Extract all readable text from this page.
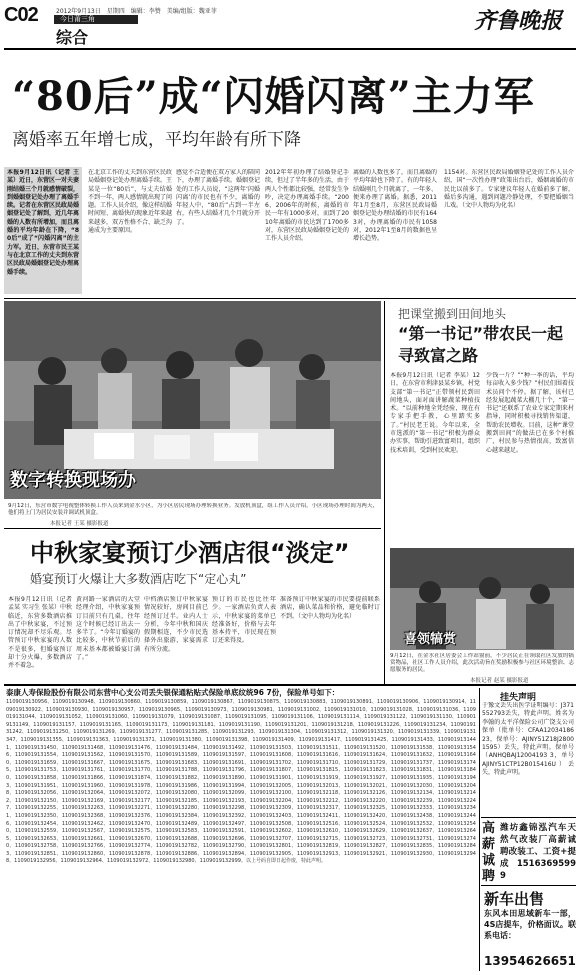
C02	2012年9月13日　星期四　编辑：李赞　美编/组版：魏亚菲
今日莆三角
综合
齐鲁晚报
“80后”成“闪婚闪离”主力军
离婚率五年增七成，平均年龄有所下降
本报9月12日讯（记者 王某）近日，东营区一对夫妻刚结婚三个月就感情破裂，到婚姻登记处办理了离婚手续。记者在东营区民政局婚姻登记处了解到，近几年离婚的人数有所增加，而且离婚的平均年龄在下降，“80后”成了“闪婚闪离”的主力军。近日，东营市民王某与在北京工作的丈夫到东营区民政局婚姻登记处办理离婚手续。
在北京工作的丈夫到东营区民政局婚姻登记处办理离婚手续。王某是一位“80后”，与丈夫结婚不到一年，两人感情就出现了问题。工作人员介绍，像这样结婚时间短、离婚快的现象近年来越来越多，双方性格不合、缺乏沟通成为主要原因。
感觉不合适便在双方家人的陪同下，办理了离婚手续。婚姻登记处的工作人员说，“这两年‘闪婚闪离’的市民也有不少，离婚的年轻人中，“80后”占到一半左右，有些人结婚才几个月就分开了。
2012年年初办理了结婚登记手续，但过了半年多的生活，由于两人个性都比较强，经常发生争吵，决定办理离婚手续。“2006、2006年的时候，离婚的市民一年有1000多对，而到了2010年离婚的市民达到了1700多对，东营区民政局婚姻登记处的工作人员介绍。
离婚的人数也多了，而且离婚的平均年龄也下降了。有的年轻人结婚刚几个月就离了，一年多、便来办理了离婚。据悉，2011年1月至8月，东营区民政局婚姻登记处办理结婚的市民有1643对，办理离婚的市民有1058对，2012年1至8月的数据也呈增长趋势。
1154对。东营区民政局婚姻登记处的工作人员介绍，国“一次性办理”政策出台后，婚姻离婚的市民比以前多了。专家建议年轻人在婚前多了解，婚后多沟通，遇到问题冷静处理，不要把婚姻当儿戏。（文中人物均为化名）
数字转换现场办
9月12日，东营市数字电视整体转换工作人员来到金水小区，为小区居民现场办理转换业务。发放机顶盒，组工作人员介绍，小区现场办理时间为两天，他们将上门为居民安装并调试机顶盒。
本报记者 王某 摄影报道
把课堂搬到田间地头
“第一书记”带农民一起寻致富之路
本报9月12日讯（记者 李某）12日，在东营市利津县某乡镇，村党支部“第一书记”正带领村民到田间地头，面对面讲解蔬菜种植技术。“以前种地全凭经验，现在有专家手把手教，心里踏实多了。”村民老王说。今年以来，全市选派的“第一书记”积极为群众办实事，帮助引进致富项目，组织技术培训，受到村民欢迎。
少钱一斤？”“种一季的话，平均每亩收入多少钱？”村民们围着技术员问个不停。据了解，该村已经发展起蔬菜大棚几十个，“第一书记”还联系了农业专家定期来村指导，同时积极寻找销售渠道，帮助农民增收。目前，这种“课堂搬到田间”的做法已在多个村推广，村民参与热情很高，致富信心越来越足。
喜领犒赏
9月12日，在金水社区居委会工作站窗前，不少居民正在领取社区发放的犒赏物品，社区工作人员介绍，此次活动旨在奖励积极参与社区环境整治、志愿服务的居民。
本报记者 赵某 摄影报道
中秋家宴预订少酒店很“淡定”
婚宴预订火爆让大多数酒店吃下“定心丸”
本报9月12日讯（记者 孟某 实习生 张某）中秋临近，东营多数酒店推出了中秋家宴，不过预订情况却不尽乐观。尽管预订中秋家宴的人数不是很多，但婚宴预订却十分火爆，多数酒店并不着急。
黄河路一家酒店的大堂经理介绍，中秋家宴预订目前只有几桌，往年这个时候已经订出去一多半了。“今年订婚宴的比较多，中秋节前后的周末基本都被婚宴订满了。”
中档酒店预订中秋家宴情况较好，房间目前已经预订过半。业内人士分析，今年中秋和国庆假期相连，不少市民选择外出旅游，家宴需求有所分流。
预订的市民也比往年少。一家酒店负责人表示，中秋家宴的菜单已经准备好，价格与去年基本持平，市民现在预订还来得及。
准备预订中秋家宴的市民要提前联系酒店，确认菜品和价格，避免临时订不到。（文中人物均为化名）
泰康人寿保险股份有限公司东营中心支公司丢失银保通粘贴式保险单底纹统96 7份，保险单号如下：
1109019130956、1109019130948、1109019130860、1109019130859、1109019130867、1109019130875、1109019130883、1109019130891、1109019130906、1109019130914、1109019130922、1109019130930、1109019130957、1109019130965、1109019130973、1109019130981、1109019131002、1109019131010、1109019131028、1109019131036、1109019131044、1109019131052、1109019131060、1109019131079、1109019131087、1109019131095、1109019131106、1109019131114、1109019131122、1109019131130、1109019131149、1109019131157、1109019131165、1109019131173、1109019131181、1109019131190、1109019131201、1109019131218、1109019131226、1109019131234、1109019131242、1109019131250、1109019131269、1109019131277、1109019131285、1109019131293、1109019131304、1109019131312、1109019131320、1109019131339、1109019131347、1109019131355、1109019131363、1109019131371、1109019131380、1109019131398、1109019131409、1109019131417、1109019131425、1109019131433、1109019131441、1109019131450、1109019131468、1109019131476、1109019131484、1109019131492、1109019131503、1109019131511、1109019131520、1109019131538、1109019131546、1109019131554、1109019131562、1109019131570、1109019131589、1109019131597、1109019131608、1109019131616、1109019131624、1109019131632、1109019131640、1109019131659、1109019131667、1109019131675、1109019131683、1109019131691、1109019131702、1109019131710、1109019131729、1109019131737、1109019131745、1109019131753、1109019131761、1109019131770、1109019131788、1109019131796、1109019131807、1109019131815、1109019131823、1109019131831、1109019131840、1109019131858、1109019131866、1109019131874、1109019131882、1109019131890、1109019131901、1109019131919、1109019131927、1109019131935、1109019131943、1109019131951、1109019131960、1109019131978、1109019131986、1109019131994、1109019132005、1109019132013、1109019132021、1109019132030、1109019132048、1109019132056、1109019132064、1109019132072、1109019132080、1109019132099、1109019132100、1109019132118、1109019132126、1109019132134、1109019132142、1109019132150、1109019132169、1109019132177、1109019132185、1109019132193、1109019132204、1109019132212、1109019132220、1109019132239、1109019132247、1109019132255、1109019132263、1109019132271、1109019132280、1109019132298、1109019132309、1109019132317、1109019132325、1109019132333、1109019132341、1109019132350、1109019132368、1109019132376、1109019132384、1109019132392、1109019132403、1109019132411、1109019132420、1109019132438、1109019132446、1109019132454、1109019132462、1109019132470、1109019132489、1109019132497、1109019132508、1109019132516、1109019132524、1109019132532、1109019132540、1109019132559、1109019132567、1109019132575、1109019132583、1109019132591、1109019132602、1109019132610、1109019132629、1109019132637、1109019132645、1109019132653、1109019132661、1109019132670、1109019132688、1109019132696、1109019132707、1109019132715、1109019132723、1109019132731、1109019132740、1109019132758、1109019132766、1109019132774、1109019132782、1109019132790、1109019132801、1109019132819、1109019132827、1109019132835、1109019132843、1109019132851、1109019132860、1109019132878、1109019132886、1109019132894、1109019132905、1109019132913、1109019132921、1109019132930、1109019132948、1109019132956、1109019132964、1109019132972、1109019132980、1109019132999。以上号码自即日起作废，特此声明。
挂失声明
于豫文丢失出医学证明编号：J371552793丢失，特此声明。姓名为李翰的太平洋保险公司广饶支公司保单（批单号：CFAA12034186 23，保单号：AJINY51Z18J28001595）丢失，特此声明。保单号（ANHQBAJ12004193 3，单号AJINY51CTP12B015416U）丢失，特此声明。
高薪诚聘
潍坊鑫锦泓汽车天然气改装厂高薪诚聘改装工、工资+提成 15163695999
新车出售
东风本田思域新车一部，4S店提车，价格面议。联系电话：
13954626651
